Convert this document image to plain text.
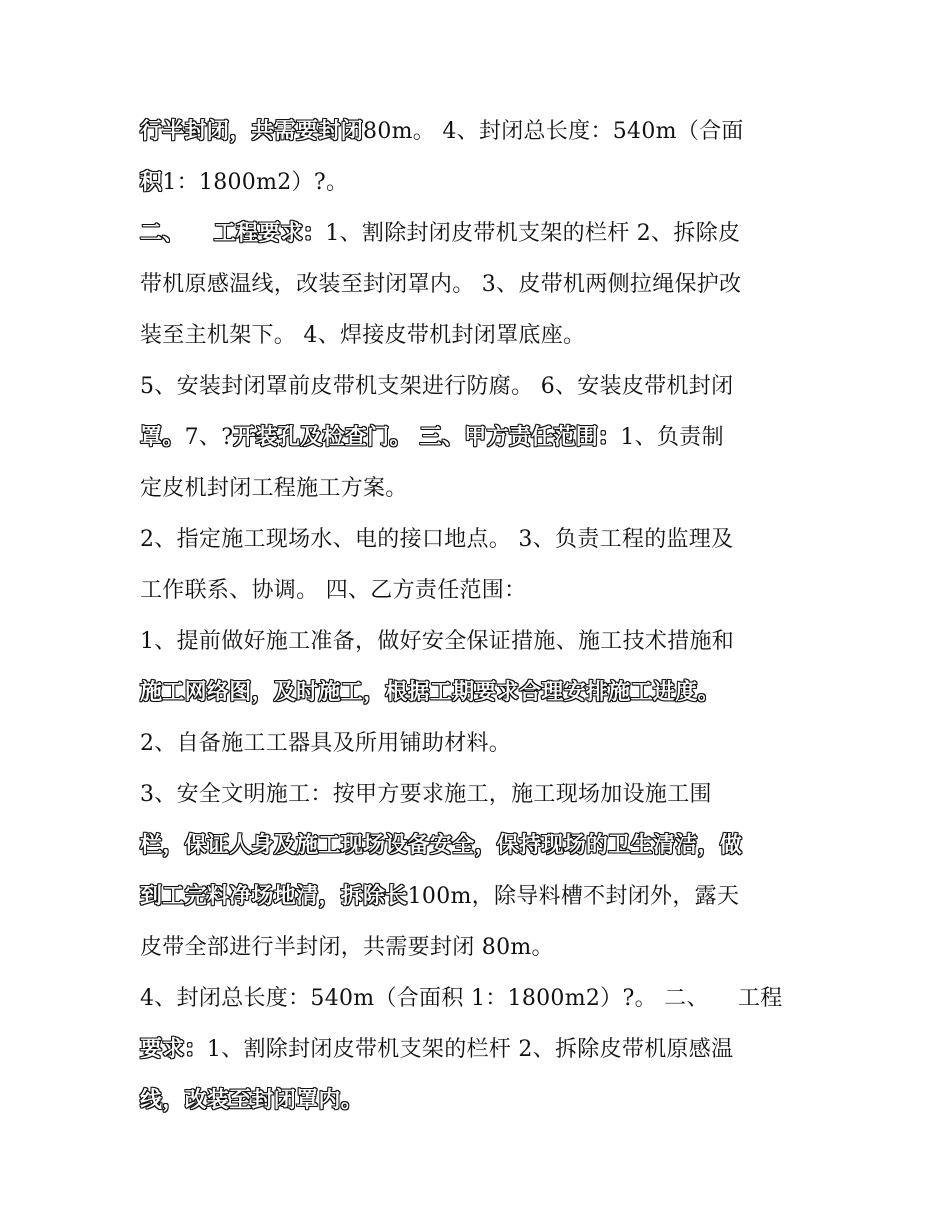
行半封闭，共需要封闭80m。 4、封闭总长度：540m（合面
积1：1800m2）?。
二、 工程要求：1、割除封闭皮带机支架的栏杆 2、拆除皮
带机原感温线，改装至封闭罩内。 3、皮带机两侧拉绳保护改
装至主机架下。 4、焊接皮带机封闭罩底座。
5、安装封闭罩前皮带机支架进行防腐。 6、安装皮带机封闭
罩。7、?开装孔及检查门。 三、甲方责任范围：1、负责制
定皮机封闭工程施工方案。
2、指定施工现场水、电的接口地点。 3、负责工程的监理及
工作联系、协调。 四、乙方责任范围：
1、提前做好施工准备，做好安全保证措施、施工技术措施和
施工网络图，及时施工，根据工期要求合理安排施工进度。
2、自备施工工器具及所用铺助材料。
3、安全文明施工：按甲方要求施工，施工现场加设施工围
栏，保证人身及施工现场设备安全，保持现场的卫生清洁，做
到工完料净场地清，拆除长100m，除导料槽不封闭外，露天
皮带全部进行半封闭，共需要封闭 80m。
4、封闭总长度：540m（合面积 1：1800m2）?。 二、    工程
要求：1、割除封闭皮带机支架的栏杆 2、拆除皮带机原感温
线，改装至封闭罩内。
